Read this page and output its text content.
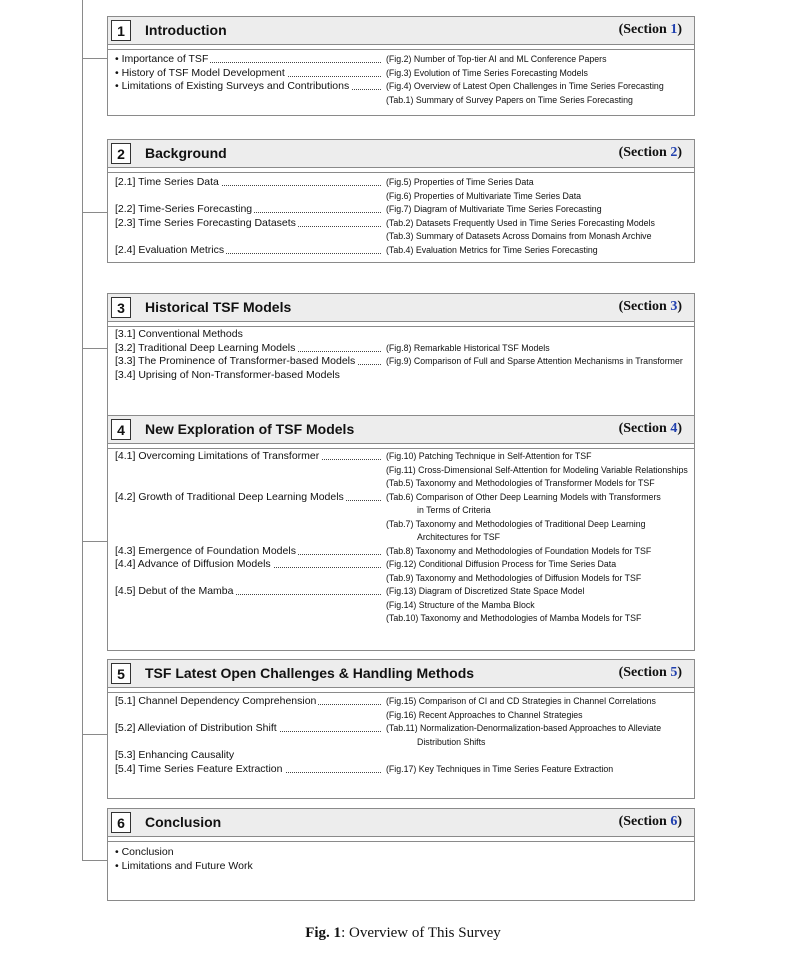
1	Introduction	(Section 1)
• Importance of TSF	(Fig.2) Number of Top-tier AI and ML Conference Papers
• History of TSF Model Development	(Fig.3) Evolution of Time Series Forecasting Models
• Limitations of Existing Surveys and Contributions	(Fig.4) Overview of Latest Open Challenges in Time Series Forecasting
(Tab.1) Summary of Survey Papers on Time Series Forecasting
2	Background	(Section 2)
[2.1] Time Series Data	(Fig.5) Properties of Time Series Data
(Fig.6) Properties of Multivariate Time Series Data
[2.2] Time-Series Forecasting	(Fig.7) Diagram of Multivariate Time Series Forecasting
[2.3] Time Series Forecasting Datasets	(Tab.2) Datasets Frequently Used in Time Series Forecasting Models
(Tab.3) Summary of Datasets Across Domains from Monash Archive
[2.4] Evaluation Metrics	(Tab.4) Evaluation Metrics for Time Series Forecasting
3	Historical TSF Models	(Section 3)
[3.1] Conventional Methods
[3.2] Traditional Deep Learning Models	(Fig.8) Remarkable Historical TSF Models
[3.3] The Prominence of Transformer-based Models	(Fig.9) Comparison of Full and Sparse Attention Mechanisms in Transformer
[3.4] Uprising of Non-Transformer-based Models
4	New Exploration of TSF Models	(Section 4)
[4.1] Overcoming Limitations of Transformer	(Fig.10) Patching Technique in Self-Attention for TSF
(Fig.11) Cross-Dimensional Self-Attention for Modeling Variable Relationships
(Tab.5) Taxonomy and Methodologies of Transformer Models for TSF
[4.2] Growth of Traditional Deep Learning Models	(Tab.6) Comparison of Other Deep Learning Models with Transformers
in Terms of Criteria
(Tab.7) Taxonomy and Methodologies of Traditional Deep Learning
Architectures for TSF
[4.3] Emergence of Foundation Models	(Tab.8) Taxonomy and Methodologies of Foundation Models for TSF
[4.4] Advance of Diffusion Models	(Fig.12) Conditional Diffusion Process for Time Series Data
(Tab.9) Taxonomy and Methodologies of Diffusion Models for TSF
[4.5] Debut of the Mamba	(Fig.13) Diagram of Discretized State Space Model
(Fig.14) Structure of the Mamba Block
(Tab.10) Taxonomy and Methodologies of Mamba Models for TSF
5	TSF Latest Open Challenges & Handling Methods	(Section 5)
[5.1] Channel Dependency Comprehension	(Fig.15) Comparison of CI and CD Strategies in Channel Correlations
(Fig.16) Recent Approaches to Channel Strategies
[5.2] Alleviation of Distribution Shift	(Tab.11) Normalization-Denormalization-based Approaches to Alleviate
Distribution Shifts
[5.3] Enhancing Causality
[5.4] Time Series Feature Extraction	(Fig.17) Key Techniques in Time Series Feature Extraction
6	Conclusion	(Section 6)
• Conclusion
• Limitations and Future Work
Fig. 1: Overview of This Survey
